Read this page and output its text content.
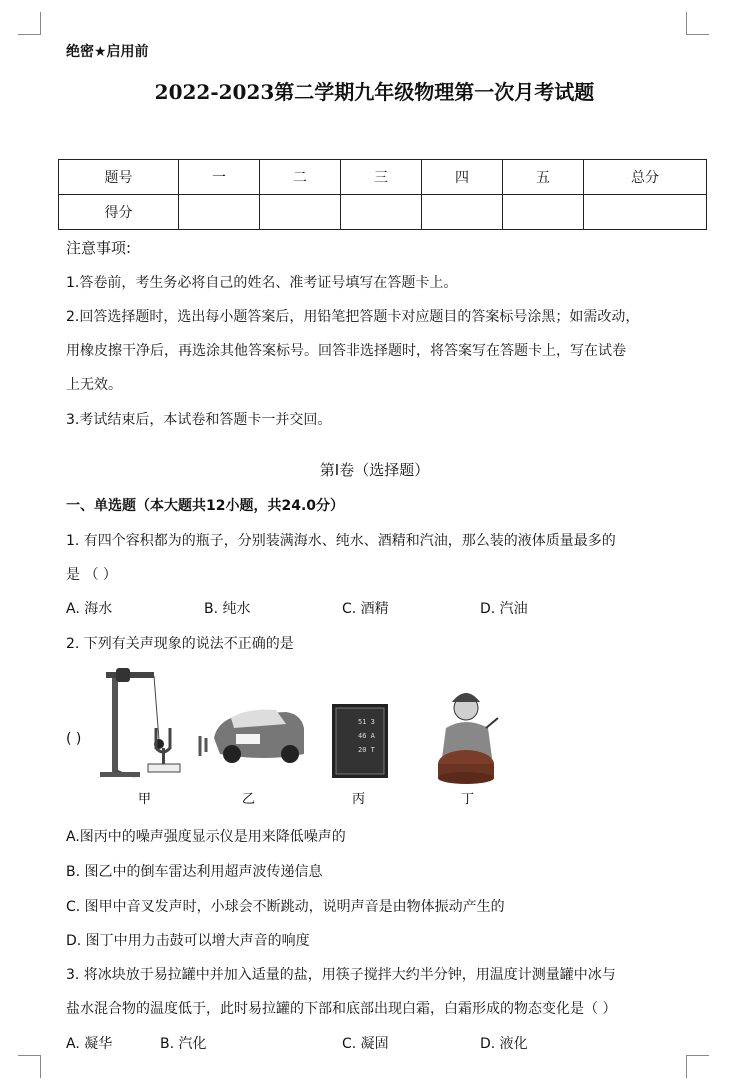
绝密★启用前
2022-2023第二学期九年级物理第一次月考试题
题号	一	二	三	四	五	总分
得分						
注意事项:
1.答卷前，考生务必将自己的姓名、准考证号填写在答题卡上。
2.回答选择题时，选出每小题答案后，用铅笔把答题卡对应题目的答案标号涂黑；如需改动，
用橡皮擦干净后，再选涂其他答案标号。回答非选择题时，将答案写在答题卡上，写在试卷
上无效。
3.考试结束后，本试卷和答题卡一并交回。
第I卷（选择题）
一、单选题（本大题共12小题，共24.0分）
1. 有四个容积都为的瓶子，分别装满海水、纯水、酒精和汽油，那么装的液体质量最多的
是 （ ）
A. 海水	B. 纯水	C. 酒精	D. 汽油
2. 下列有关声现象的说法不正确的是
( )
甲	乙
51 3
46 A
20 T
丙	丁
A.图丙中的噪声强度显示仪是用来降低噪声的
B. 图乙中的倒车雷达利用超声波传递信息
C. 图甲中音叉发声时，小球会不断跳动，说明声音是由物体振动产生的
D. 图丁中用力击鼓可以增大声音的响度
3. 将冰块放于易拉罐中并加入适量的盐，用筷子搅拌大约半分钟，用温度计测量罐中冰与
盐水混合物的温度低于，此时易拉罐的下部和底部出现白霜，白霜形成的物态变化是（ ）
A. 凝华	B. 汽化	C. 凝固	D. 液化
